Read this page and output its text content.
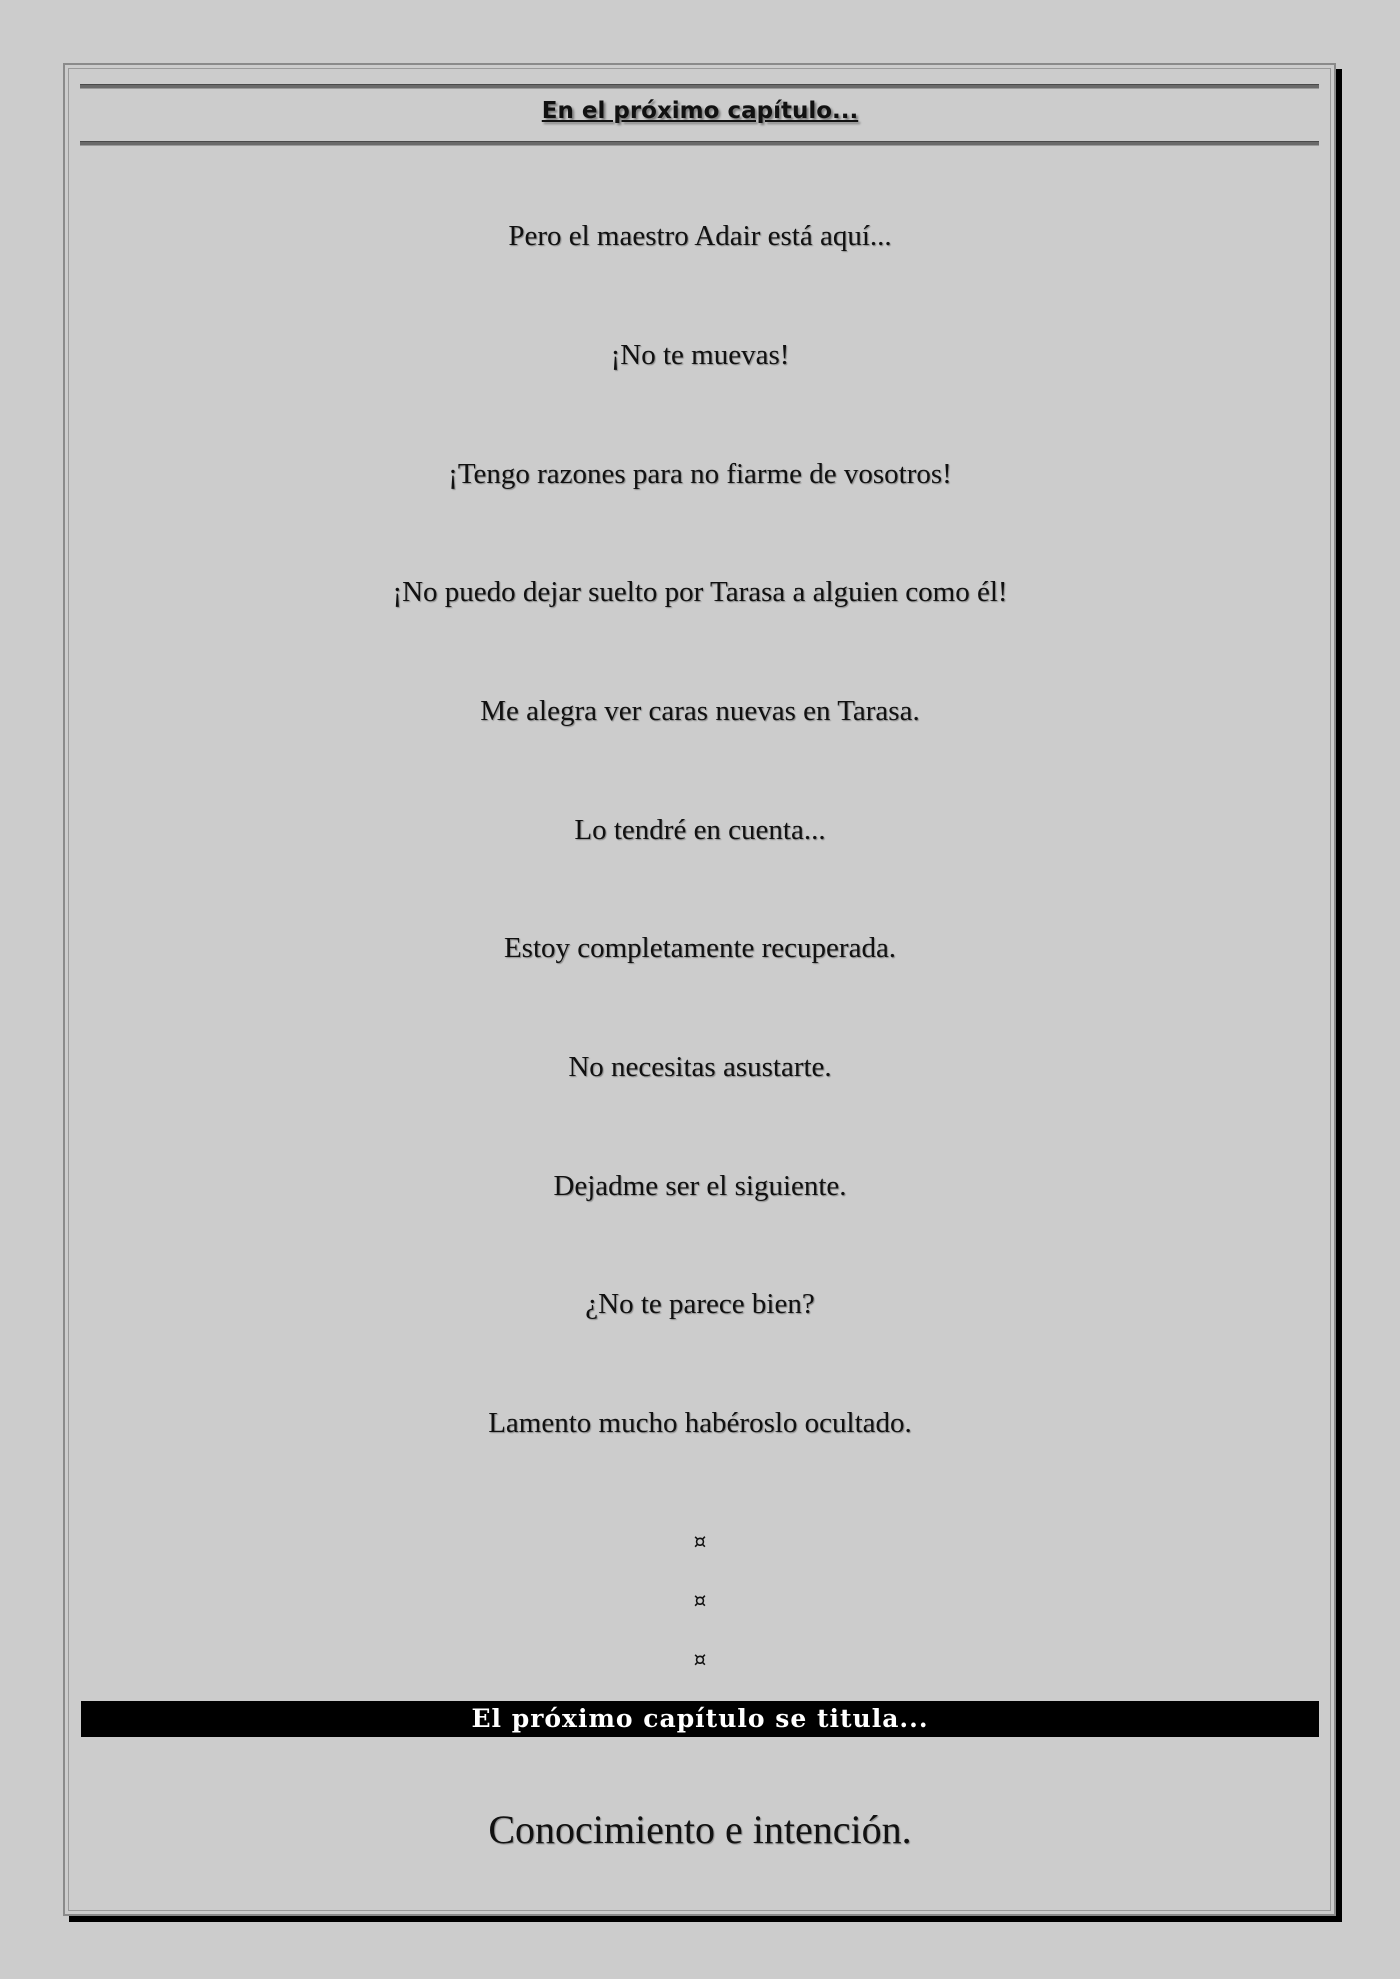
En el próximo capítulo...
Pero el maestro Adair está aquí...
¡No te muevas!
¡Tengo razones para no fiarme de vosotros!
¡No puedo dejar suelto por Tarasa a alguien como él!
Me alegra ver caras nuevas en Tarasa.
Lo tendré en cuenta...
Estoy completamente recuperada.
No necesitas asustarte.
Dejadme ser el siguiente.
¿No te parece bien?
Lamento mucho habéroslo ocultado.
¤
¤
¤
El próximo capítulo se titula...
Conocimiento e intención.
